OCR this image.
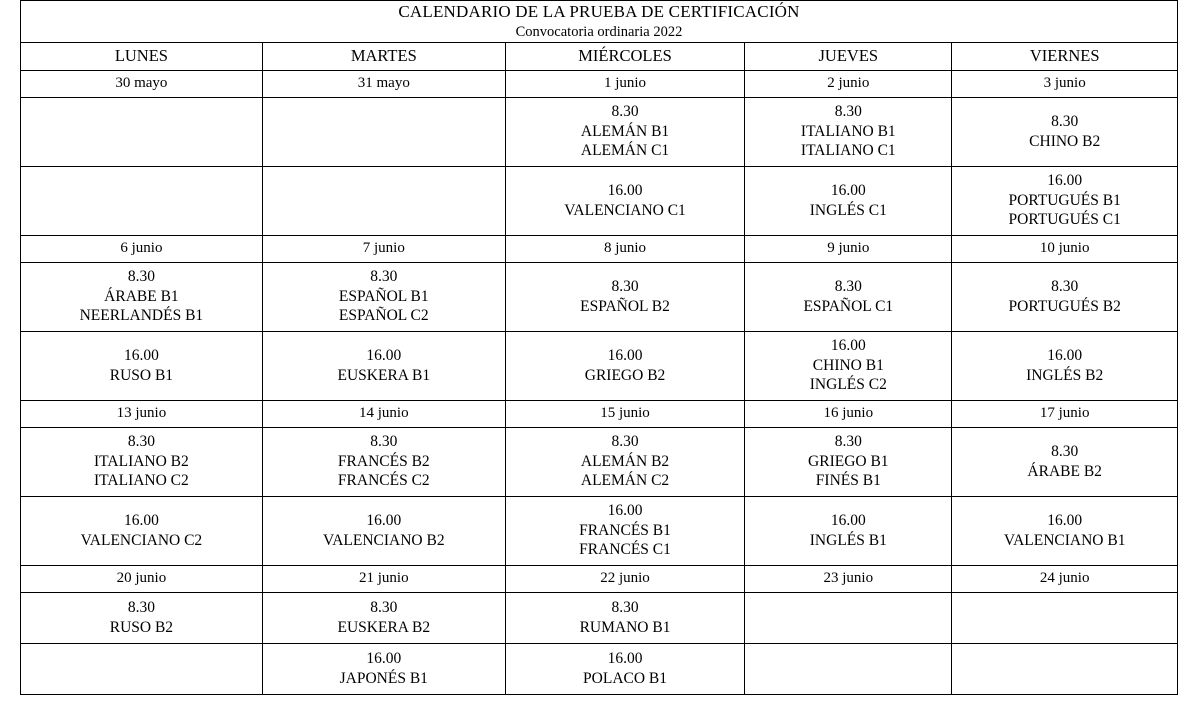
CALENDARIO DE LA PRUEBA DE CERTIFICACIÓN				

Convocatoria ordinaria 2022				

LUNES	MARTES	MIÉRCOLES	JUEVES	VIERNES
30 mayo	31 mayo	1 junio	2 junio	3 junio

		8.30
ALEMÁN B1
ALEMÁN C1	8.30
ITALIANO B1
ITALIANO C1	8.30
CHINO B2

		16.00
VALENCIANO C1	16.00
INGLÉS C1	16.00
PORTUGUÉS B1
PORTUGUÉS C1

6 junio	7 junio	8 junio	9 junio	10 junio

8.30
ÁRABE B1
NEERLANDÉS B1	8.30
ESPAÑOL B1
ESPAÑOL C2	8.30
ESPAÑOL B2	8.30
ESPAÑOL C1	8.30
PORTUGUÉS B2

16.00
RUSO B1	16.00
EUSKERA B1	16.00
GRIEGO B2	16.00
CHINO B1
INGLÉS C2	16.00
INGLÉS B2

13 junio	14 junio	15 junio	16 junio	17 junio

8.30
ITALIANO B2
ITALIANO C2	8.30
FRANCÉS B2
FRANCÉS C2	8.30
ALEMÁN B2
ALEMÁN C2	8.30
GRIEGO B1
FINÉS B1	8.30
ÁRABE B2

16.00
VALENCIANO C2	16.00
VALENCIANO B2	16.00
FRANCÉS B1
FRANCÉS C1	16.00
INGLÉS B1	16.00
VALENCIANO B1

20 junio	21 junio	22 junio	23 junio	24 junio

8.30
RUSO B2	8.30
EUSKERA B2	8.30
RUMANO B1		

	16.00
JAPONÉS B1	16.00
POLACO B1		
